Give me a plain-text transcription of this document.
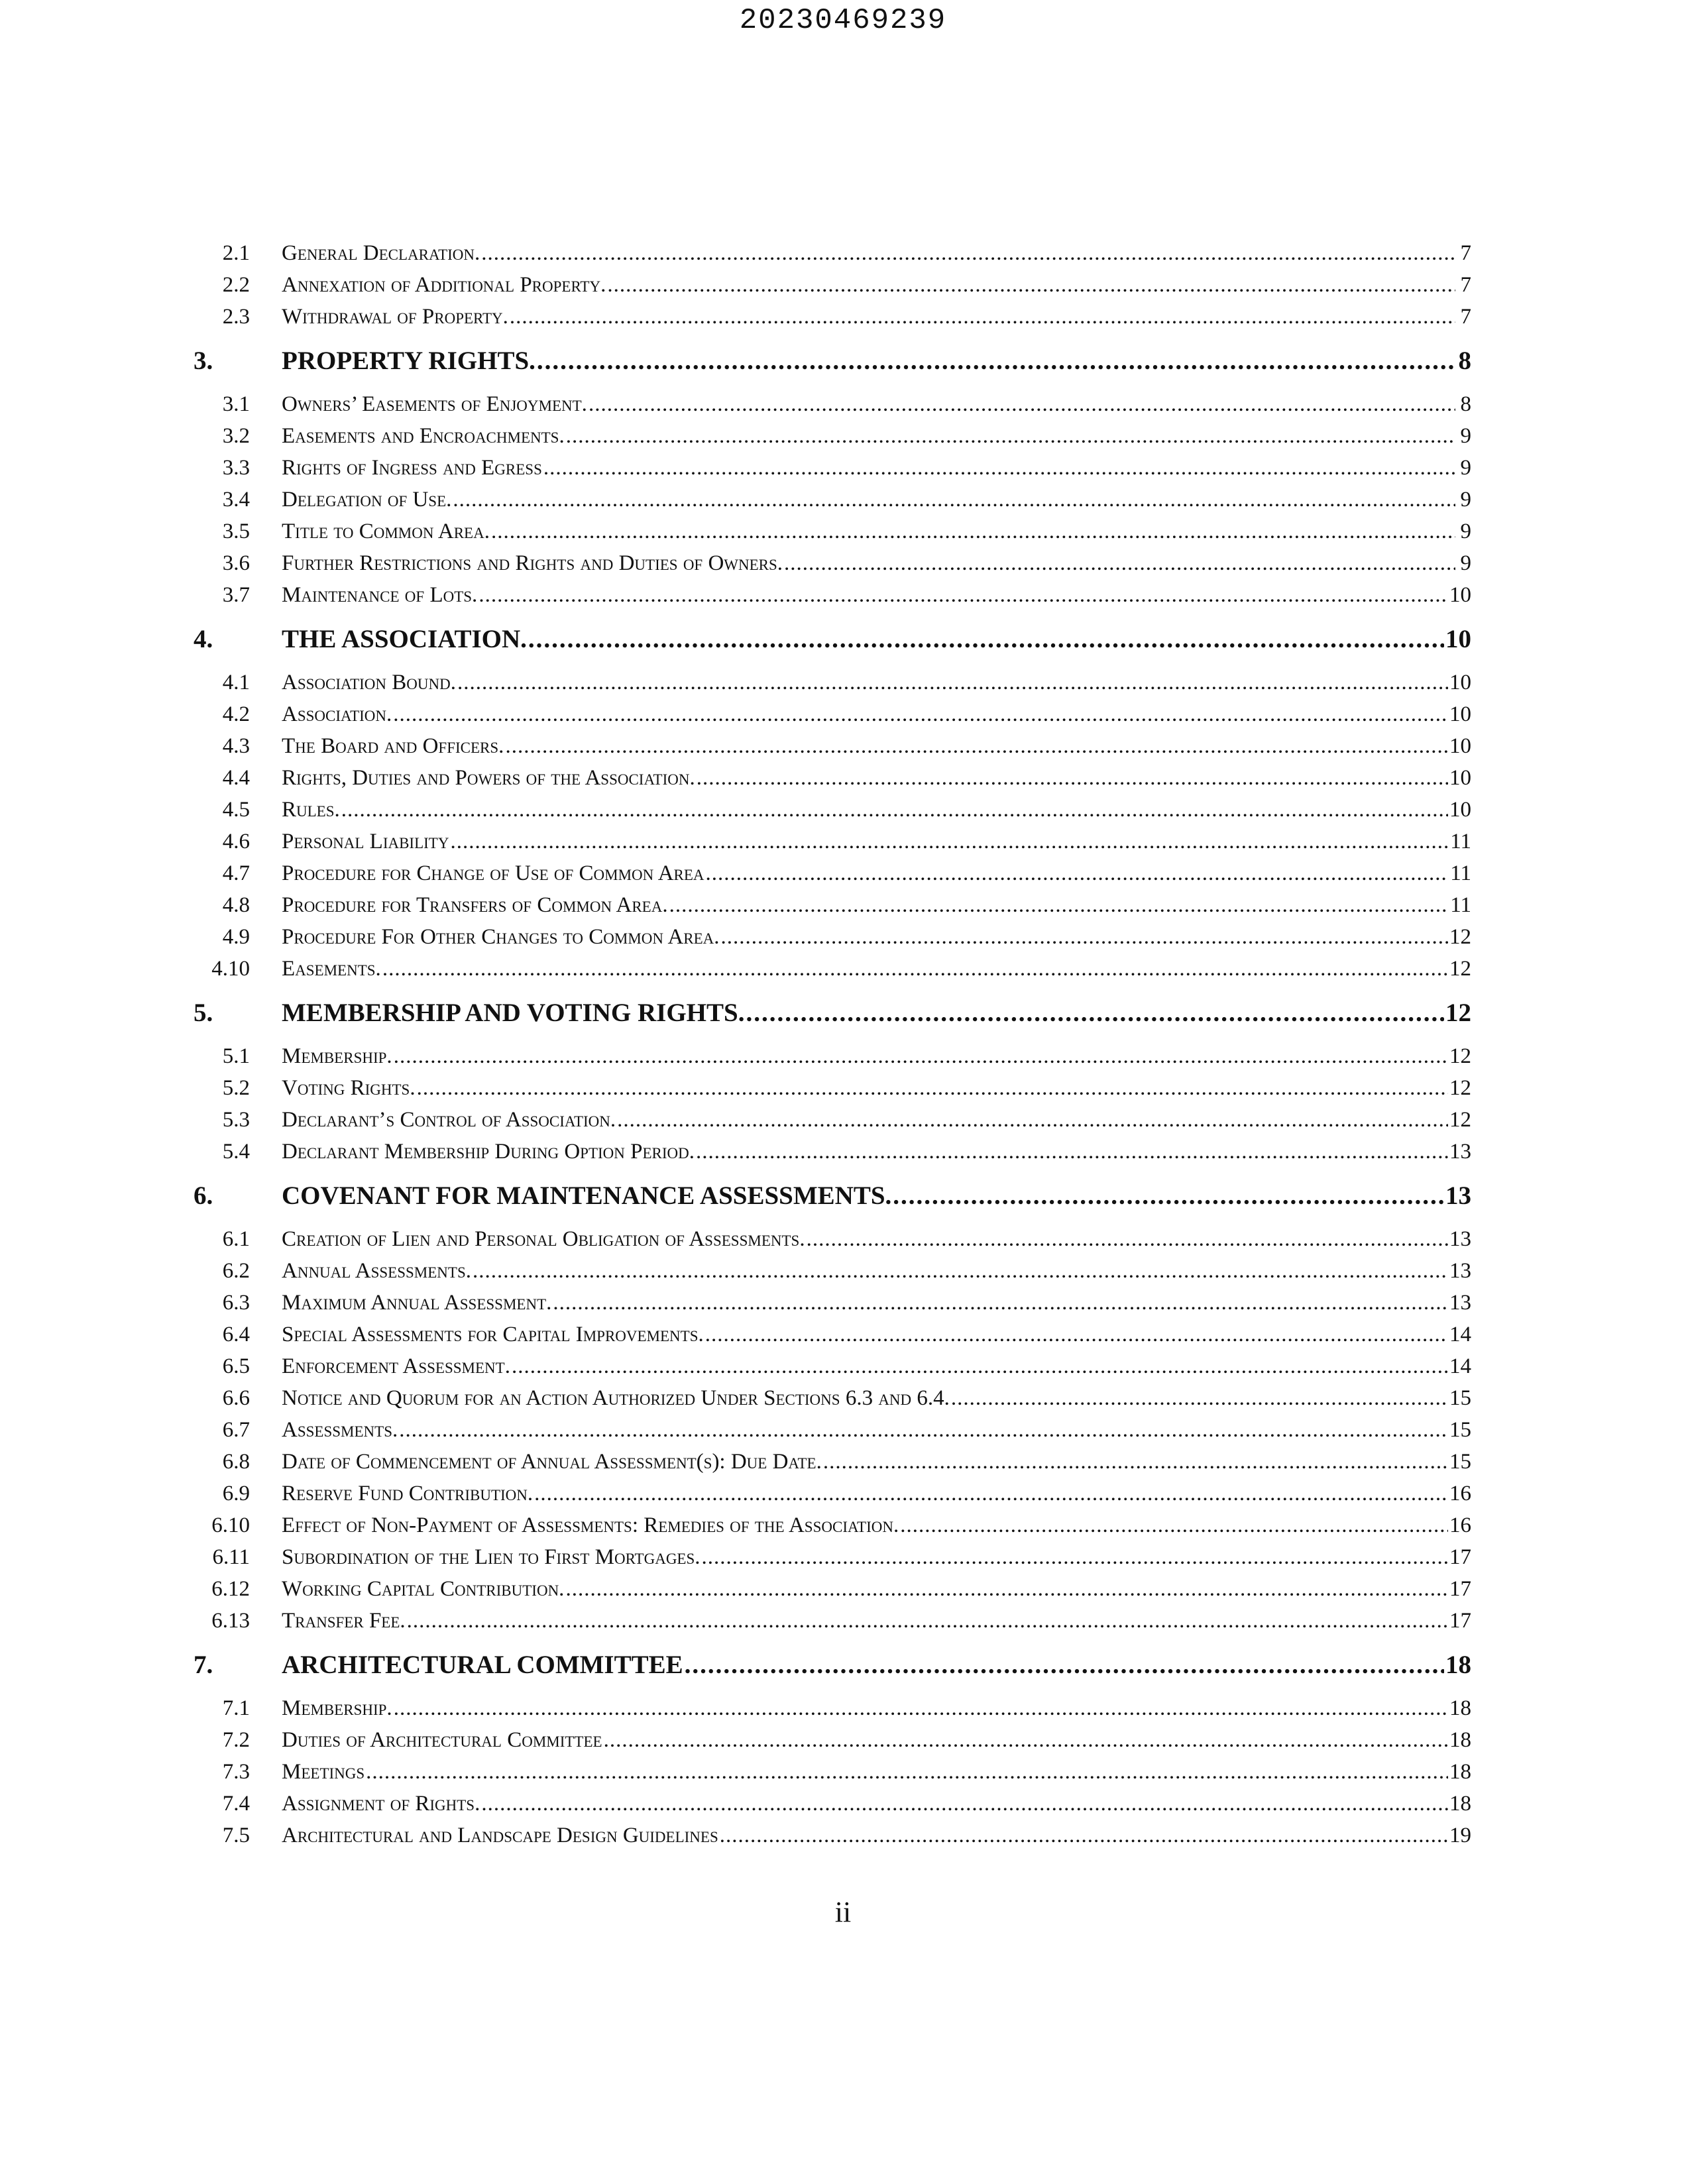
20230469239
2.1	General Declaration. .....	7
2.2	Annexation of Additional Property. .....	7
2.3	Withdrawal of Property. .....	7
3.	PROPERTY RIGHTS. .....	8
3.1	Owners’ Easements of Enjoyment. .....	8
3.2	Easements and Encroachments. .....	9
3.3	Rights of Ingress and Egress .....	9
3.4	Delegation of Use. .....	9
3.5	Title to Common Area. .....	9
3.6	Further Restrictions and Rights and Duties of Owners. .....	9
3.7	Maintenance of Lots. .....	10
4.	THE ASSOCIATION. .....	10
4.1	Association Bound. .....	10
4.2	Association. .....	10
4.3	The Board and Officers. .....	10
4.4	Rights, Duties and Powers of the Association. .....	10
4.5	Rules. .....	10
4.6	Personal Liability .....	11
4.7	Procedure for Change of Use of Common Area .....	11
4.8	Procedure for Transfers of Common Area. .....	11
4.9	Procedure For Other Changes to Common Area. .....	12
4.10	Easements. .....	12
5.	MEMBERSHIP AND VOTING RIGHTS. .....	12
5.1	Membership. .....	12
5.2	Voting Rights. .....	12
5.3	Declarant’s Control of Association. .....	12
5.4	Declarant Membership During Option Period. .....	13
6.	COVENANT FOR MAINTENANCE ASSESSMENTS. .....	13
6.1	Creation of Lien and Personal Obligation of Assessments. .....	13
6.2	Annual Assessments. .....	13
6.3	Maximum Annual Assessment. .....	13
6.4	Special Assessments for Capital Improvements. .....	14
6.5	Enforcement Assessment. .....	14
6.6	Notice and Quorum for an Action Authorized Under Sections 6.3 and 6.4. .....	15
6.7	Assessments. .....	15
6.8	Date of Commencement of Annual Assessment(s): Due Date. .....	15
6.9	Reserve Fund Contribution. .....	16
6.10	Effect of Non-Payment of Assessments: Remedies of the Association. .....	16
6.11	Subordination of the Lien to First Mortgages. .....	17
6.12	Working Capital Contribution. .....	17
6.13	Transfer Fee. .....	17
7.	ARCHITECTURAL COMMITTEE .....	18
7.1	Membership. .....	18
7.2	Duties of Architectural Committee .....	18
7.3	Meetings .....	18
7.4	Assignment of Rights. .....	18
7.5	Architectural and Landscape Design Guidelines .....	19
ii
